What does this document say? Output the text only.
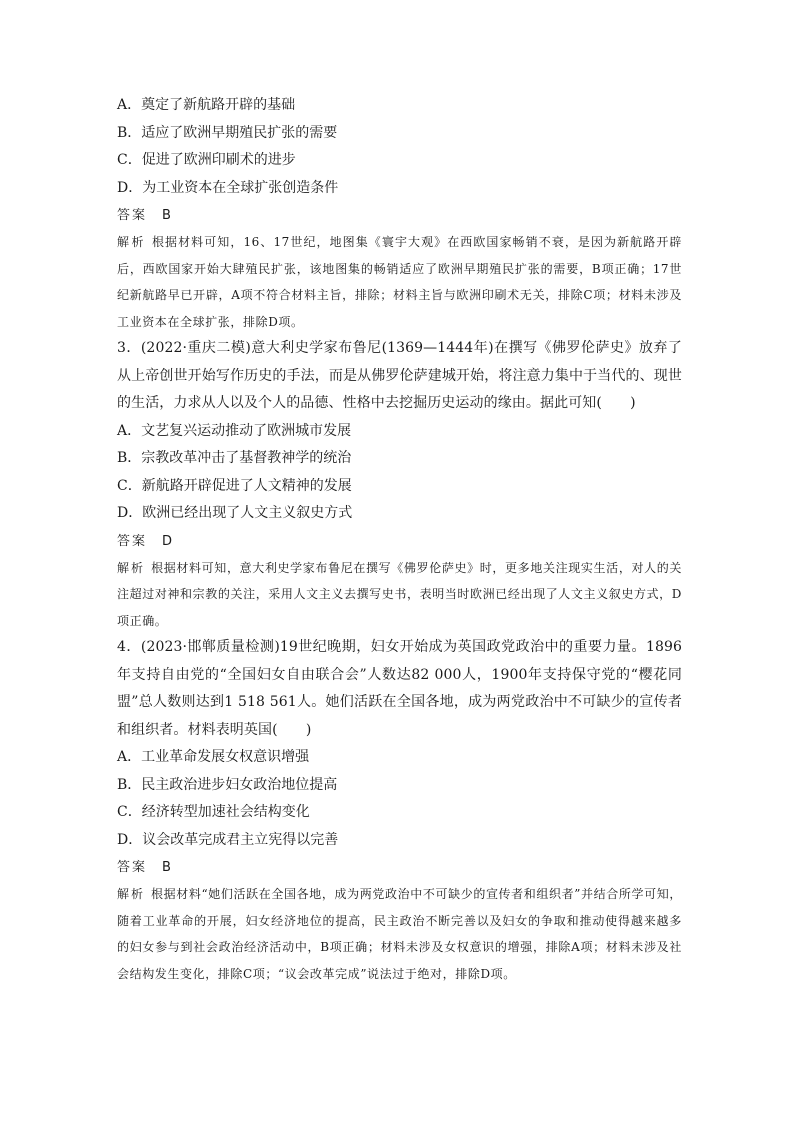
A．奠定了新航路开辟的基础
B．适应了欧洲早期殖民扩张的需要
C．促进了欧洲印刷术的进步
D．为工业资本在全球扩张创造条件
答案　B
解析 根据材料可知，16、17世纪，地图集《寰宇大观》在西欧国家畅销不衰，是因为新航路开辟后，西欧国家开始大肆殖民扩张，该地图集的畅销适应了欧洲早期殖民扩张的需要，B项正确；17世纪新航路早已开辟，A项不符合材料主旨，排除；材料主旨与欧洲印刷术无关，排除C项；材料未涉及工业资本在全球扩张，排除D项。
3．(2022·重庆二模)意大利史学家布鲁尼(1369—1444年)在撰写《佛罗伦萨史》放弃了从上帝创世开始写作历史的手法，而是从佛罗伦萨建城开始，将注意力集中于当代的、现世的生活，力求从人以及个人的品德、性格中去挖掘历史运动的缘由。据此可知(　　)
A．文艺复兴运动推动了欧洲城市发展
B．宗教改革冲击了基督教神学的统治
C．新航路开辟促进了人文精神的发展
D．欧洲已经出现了人文主义叙史方式
答案　D
解析 根据材料可知，意大利史学家布鲁尼在撰写《佛罗伦萨史》时，更多地关注现实生活，对人的关注超过对神和宗教的关注，采用人文主义去撰写史书，表明当时欧洲已经出现了人文主义叙史方式，D项正确。
4．(2023·邯郸质量检测)19世纪晚期，妇女开始成为英国政党政治中的重要力量。1896年支持自由党的“全国妇女自由联合会”人数达82 000人，1900年支持保守党的“樱花同盟”总人数则达到1 518 561人。她们活跃在全国各地，成为两党政治中不可缺少的宣传者和组织者。材料表明英国(　　)
A．工业革命发展女权意识增强
B．民主政治进步妇女政治地位提高
C．经济转型加速社会结构变化
D．议会改革完成君主立宪得以完善
答案　B
解析 根据材料“她们活跃在全国各地，成为两党政治中不可缺少的宣传者和组织者”并结合所学可知，随着工业革命的开展，妇女经济地位的提高，民主政治不断完善以及妇女的争取和推动使得越来越多的妇女参与到社会政治经济活动中，B项正确；材料未涉及女权意识的增强，排除A项；材料未涉及社会结构发生变化，排除C项；“议会改革完成”说法过于绝对，排除D项。
